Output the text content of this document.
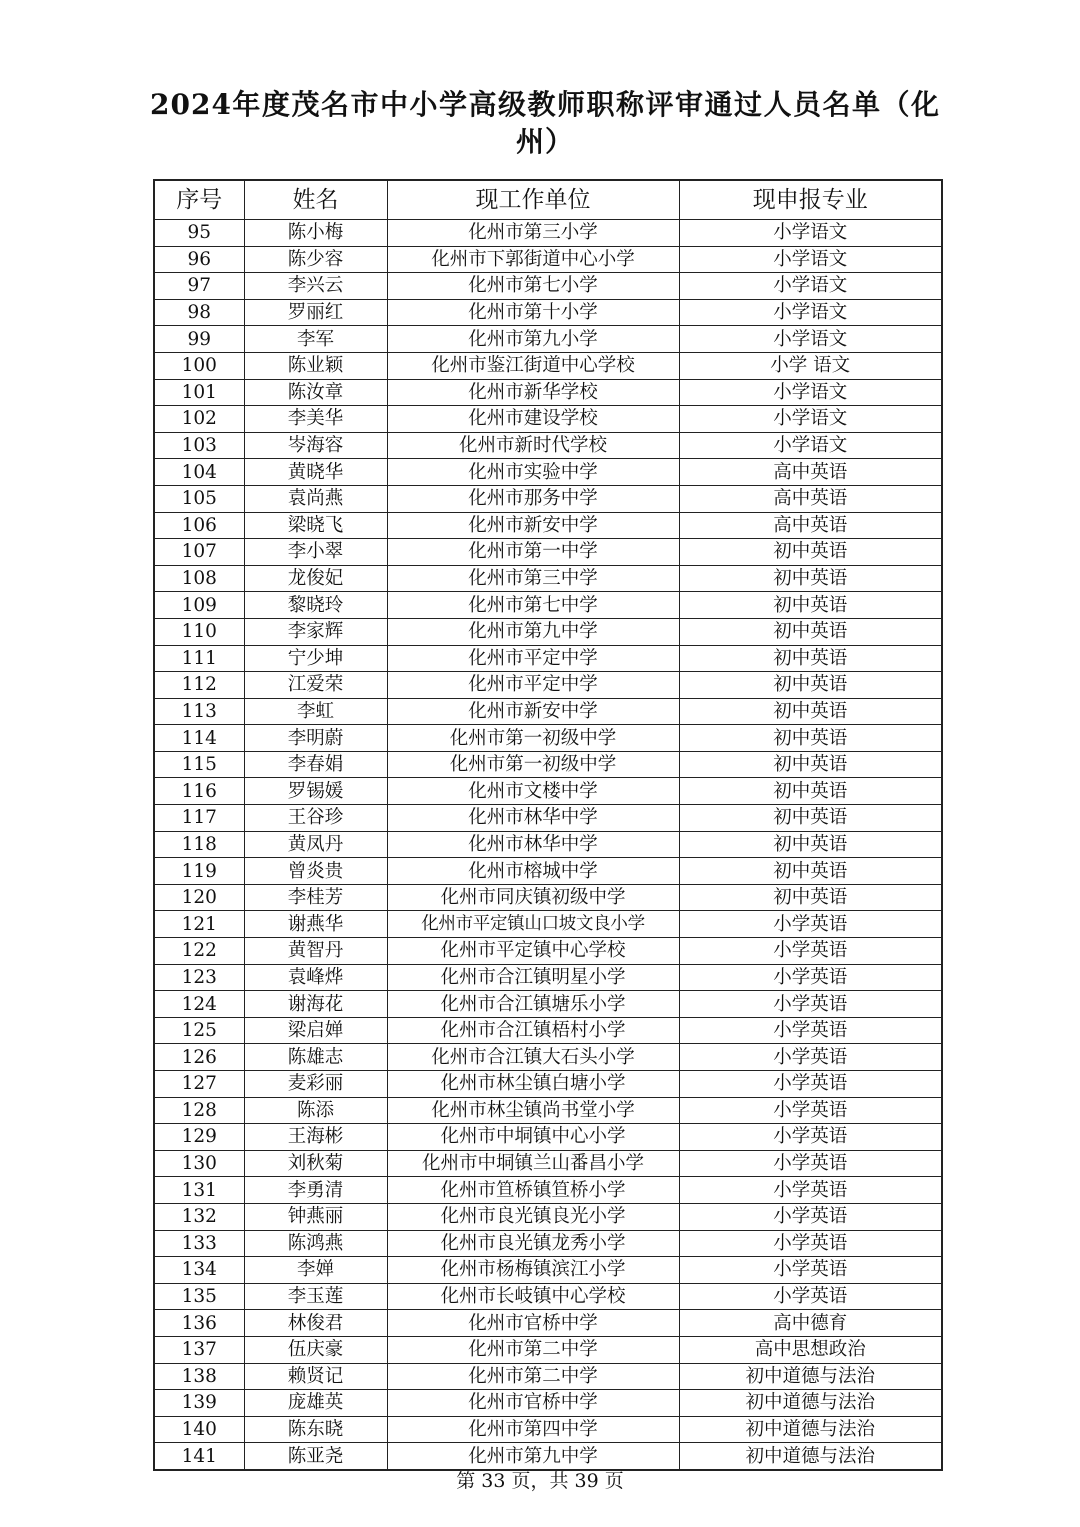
2024年度茂名市中小学高级教师职称评审通过人员名单（化州）
序号	姓名	现工作单位	现申报专业
95	陈小梅	化州市第三小学	小学语文
96	陈少容	化州市下郭街道中心小学	小学语文
97	李兴云	化州市第七小学	小学语文
98	罗丽红	化州市第十小学	小学语文
99	李军	化州市第九小学	小学语文
100	陈业颖	化州市鉴江街道中心学校	小学 语文
101	陈汝章	化州市新华学校	小学语文
102	李美华	化州市建设学校	小学语文
103	岑海容	化州市新时代学校	小学语文
104	黄晓华	化州市实验中学	高中英语
105	袁尚燕	化州市那务中学	高中英语
106	梁晓飞	化州市新安中学	高中英语
107	李小翠	化州市第一中学	初中英语
108	龙俊妃	化州市第三中学	初中英语
109	黎晓玲	化州市第七中学	初中英语
110	李家辉	化州市第九中学	初中英语
111	宁少坤	化州市平定中学	初中英语
112	江爱荣	化州市平定中学	初中英语
113	李虹	化州市新安中学	初中英语
114	李明蔚	化州市第一初级中学	初中英语
115	李春娟	化州市第一初级中学	初中英语
116	罗锡媛	化州市文楼中学	初中英语
117	王谷珍	化州市林华中学	初中英语
118	黄凤丹	化州市林华中学	初中英语
119	曾炎贵	化州市榕城中学	初中英语
120	李桂芳	化州市同庆镇初级中学	初中英语
121	谢燕华	化州市平定镇山口坡文良小学	小学英语
122	黄智丹	化州市平定镇中心学校	小学英语
123	袁峰烨	化州市合江镇明星小学	小学英语
124	谢海花	化州市合江镇塘乐小学	小学英语
125	梁启婵	化州市合江镇梧村小学	小学英语
126	陈雄志	化州市合江镇大石头小学	小学英语
127	麦彩丽	化州市林尘镇白塘小学	小学英语
128	陈添	化州市林尘镇尚书堂小学	小学英语
129	王海彬	化州市中垌镇中心小学	小学英语
130	刘秋菊	化州市中垌镇兰山番昌小学	小学英语
131	李勇清	化州市笪桥镇笪桥小学	小学英语
132	钟燕丽	化州市良光镇良光小学	小学英语
133	陈鸿燕	化州市良光镇龙秀小学	小学英语
134	李婵	化州市杨梅镇滨江小学	小学英语
135	李玉莲	化州市长岐镇中心学校	小学英语
136	林俊君	化州市官桥中学	高中德育
137	伍庆豪	化州市第二中学	高中思想政治
138	赖贤记	化州市第二中学	初中道德与法治
139	庞雄英	化州市官桥中学	初中道德与法治
140	陈东晓	化州市第四中学	初中道德与法治
141	陈亚尧	化州市第九中学	初中道德与法治
第 33 页，共 39 页
